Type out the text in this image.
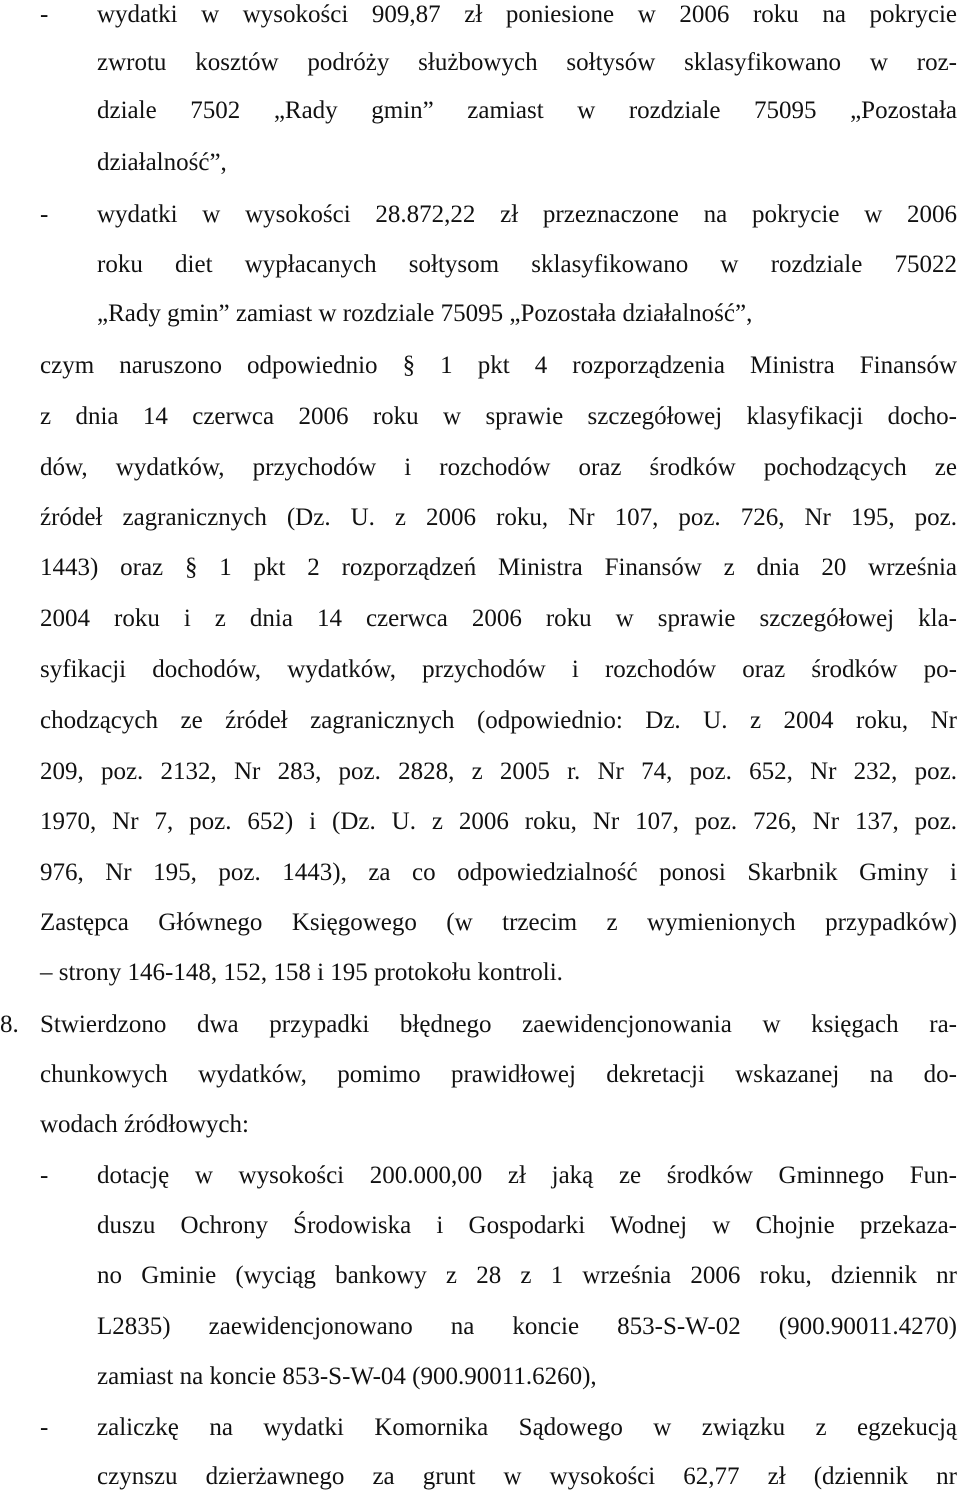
- wydatki w wysokości 909,87 zł poniesione w 2006 roku na pokrycie
zwrotu kosztów podróży służbowych sołtysów sklasyfikowano w roz-
dziale 7502 „Rady gmin” zamiast w rozdziale 75095 „Pozostała
działalność”,
- wydatki w wysokości 28.872,22 zł przeznaczone na pokrycie w 2006
roku diet wypłacanych sołtysom sklasyfikowano w rozdziale 75022
„Rady gmin” zamiast w rozdziale 75095 „Pozostała działalność”,
czym naruszono odpowiednio § 1 pkt 4 rozporządzenia Ministra Finansów
z dnia 14 czerwca 2006 roku w sprawie szczegółowej klasyfikacji docho-
dów, wydatków, przychodów i rozchodów oraz środków pochodzących ze
źródeł zagranicznych (Dz. U. z 2006 roku, Nr 107, poz. 726, Nr 195, poz.
1443) oraz § 1 pkt 2 rozporządzeń Ministra Finansów z dnia 20 września
2004 roku i z dnia 14 czerwca 2006 roku w sprawie szczegółowej kla-
syfikacji dochodów, wydatków, przychodów i rozchodów oraz środków po-
chodzących ze źródeł zagranicznych (odpowiednio: Dz. U. z 2004 roku, Nr
209, poz. 2132, Nr 283, poz. 2828, z 2005 r. Nr 74, poz. 652, Nr 232, poz.
1970, Nr 7, poz. 652) i (Dz. U. z 2006 roku, Nr 107, poz. 726, Nr 137, poz.
976, Nr 195, poz. 1443), za co odpowiedzialność ponosi Skarbnik Gminy i
Zastępca Głównego Księgowego (w trzecim z wymienionych przypadków)
– strony 146-148, 152, 158 i 195 protokołu kontroli.
8. Stwierdzono dwa przypadki błędnego zaewidencjonowania w księgach ra-
chunkowych wydatków, pomimo prawidłowej dekretacji wskazanej na do-
wodach źródłowych:
- dotację w wysokości 200.000,00 zł jaką ze środków Gminnego Fun-
duszu Ochrony Środowiska i Gospodarki Wodnej w Chojnie przekaza-
no Gminie (wyciąg bankowy z 28 z 1 września 2006 roku, dziennik nr
L2835) zaewidencjonowano na koncie 853-S-W-02 (900.90011.4270)
zamiast na koncie 853-S-W-04 (900.90011.6260),
- zaliczkę na wydatki Komornika Sądowego w związku z egzekucją
czynszu dzierżawnego za grunt w wysokości 62,77 zł (dziennik nr
